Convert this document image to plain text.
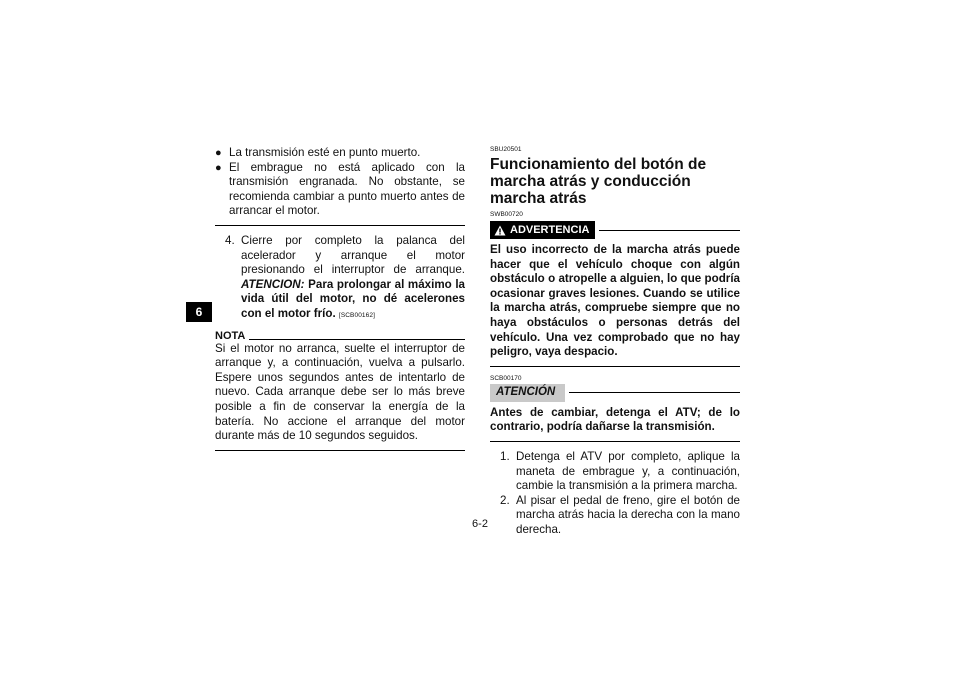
6
● La transmisión esté en punto muerto.
● El embrague no está aplicado con la transmisión engranada. No obstante, se recomienda cambiar a punto muerto antes de arrancar el motor.
4. Cierre por completo la palanca del acelerador y arranque el motor presionando el interruptor de arranque. ATENCION: Para prolongar al máximo la vida útil del motor, no dé acelerones con el motor frío. [SCB00162]
NOTA
Si el motor no arranca, suelte el interruptor de arranque y, a continuación, vuelva a pulsarlo. Espere unos segundos antes de intentarlo de nuevo. Cada arranque debe ser lo más breve posible a fin de conservar la energía de la batería. No accione el arranque del motor durante más de 10 segundos seguidos.
SBU20501
Funcionamiento del botón de marcha atrás y conducción marcha atrás
SWB00720
ADVERTENCIA
El uso incorrecto de la marcha atrás puede hacer que el vehículo choque con algún obstáculo o atropelle a alguien, lo que podría ocasionar graves lesiones. Cuando se utilice la marcha atrás, compruebe siempre que no haya obstáculos o personas detrás del vehículo. Una vez comprobado que no hay peligro, vaya despacio.
SCB00170
ATENCIÓN
Antes de cambiar, detenga el ATV; de lo contrario, podría dañarse la transmisión.
1. Detenga el ATV por completo, aplique la maneta de embrague y, a continuación, cambie la transmisión a la primera marcha.
2. Al pisar el pedal de freno, gire el botón de marcha atrás hacia la derecha con la mano derecha.
6-2
